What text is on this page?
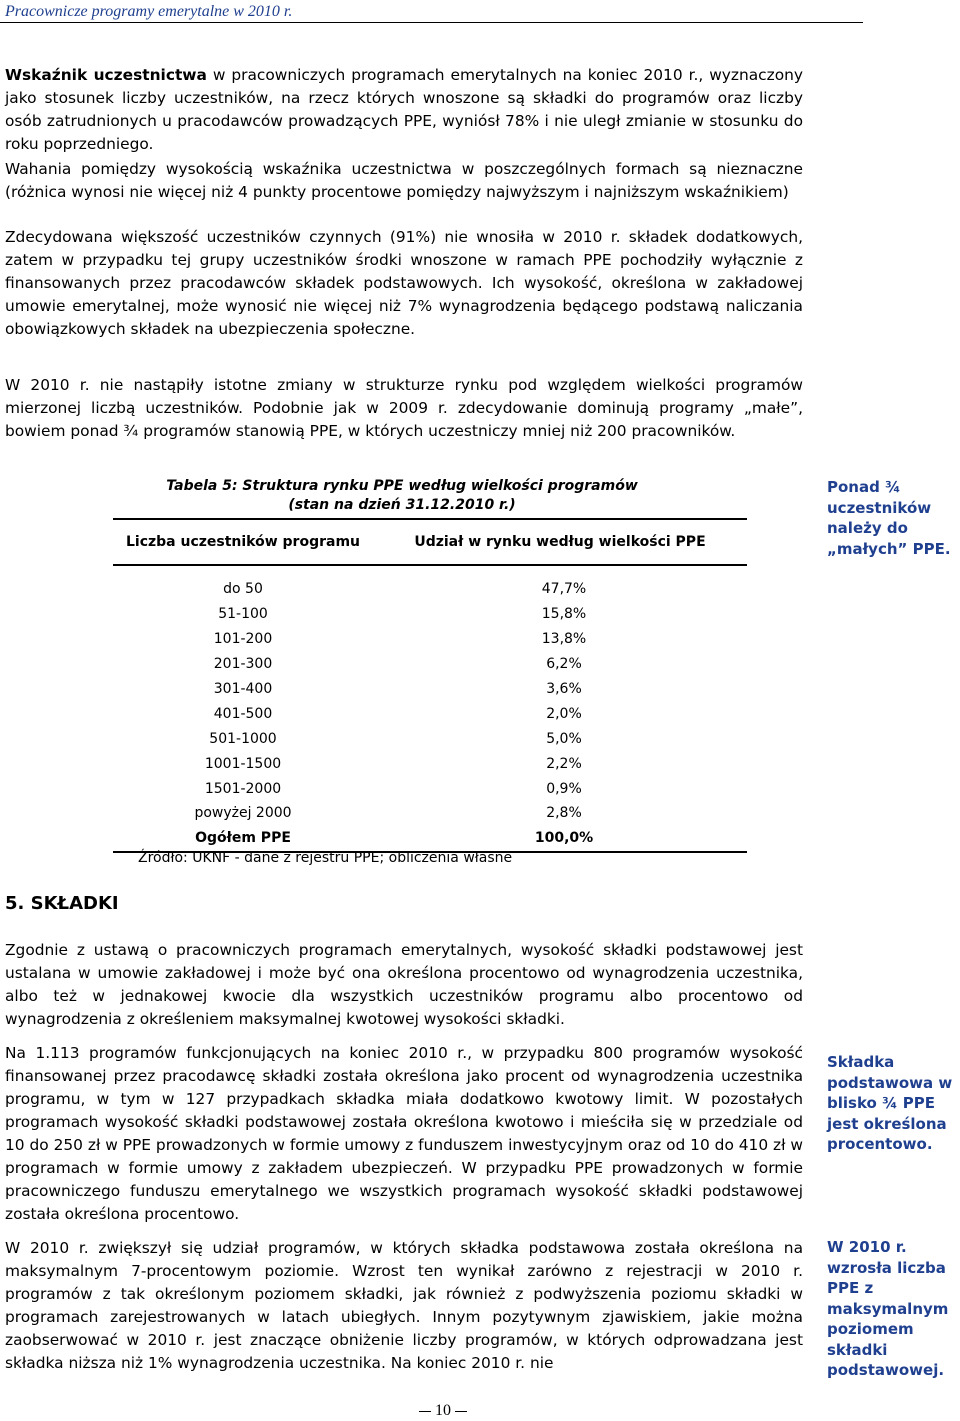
Pracownicze programy emerytalne w 2010 r.

Wskaźnik uczestnictwa w pracowniczych programach emerytalnych na koniec 2010 r., wyznaczony jako stosunek liczby uczestników, na rzecz których wnoszone są składki do programów oraz liczby osób zatrudnionych u pracodawców prowadzących PPE, wyniósł 78% i nie uległ zmianie w stosunku do roku poprzedniego.

Wahania pomiędzy wysokością wskaźnika uczestnictwa w poszczególnych formach są nieznaczne (różnica wynosi nie więcej niż 4 punkty procentowe pomiędzy najwyższym i najniższym wskaźnikiem)

Zdecydowana większość uczestników czynnych (91%) nie wnosiła w 2010 r. składek dodatkowych, zatem w przypadku tej grupy uczestników środki wnoszone w ramach PPE pochodziły wyłącznie z finansowanych przez pracodawców składek podstawowych. Ich wysokość, określona w zakładowej umowie emerytalnej, może wynosić nie więcej niż 7% wynagrodzenia będącego podstawą naliczania obowiązkowych składek na ubezpieczenia społeczne.

W 2010 r. nie nastąpiły istotne zmiany w strukturze rynku pod względem wielkości programów mierzonej liczbą uczestników. Podobnie jak w 2009 r. zdecydowanie dominują programy „małe”, bowiem ponad ¾ programów stanowią PPE, w których uczestniczy mniej niż 200 pracowników.

Tabela 5: Struktura rynku PPE według wielkości programów
(stan na dzień 31.12.2010 r.)
Liczba uczestników programu	Udział w rynku według wielkości PPE

do 50	47,7%
51-100	15,8%
101-200	13,8%
201-300	6,2%
301-400	3,6%
401-500	2,0%
501-1000	5,0%
1001-1500	2,2%
1501-2000	0,9%
powyżej 2000	2,8%
Ogółem PPE	100,0%
Źródło: UKNF - dane z rejestru PPE; obliczenia własne
Ponad ¾ uczestników należy do „małych” PPE.
Składka podstawowa w blisko ¾ PPE jest określona procentowo.
W 2010 r. wzrosła liczba PPE z maksymalnym poziomem składki podstawowej.
5. SKŁADKI

Zgodnie z ustawą o pracowniczych programach emerytalnych, wysokość składki podstawowej jest ustalana w umowie zakładowej i może być ona określona procentowo od wynagrodzenia uczestnika, albo też w jednakowej kwocie dla wszystkich uczestników programu albo procentowo od wynagrodzenia z określeniem maksymalnej kwotowej wysokości składki.

Na 1.113 programów funkcjonujących na koniec 2010 r., w przypadku 800 programów wysokość finansowanej przez pracodawcę składki została określona jako procent od wynagrodzenia uczestnika programu, w tym w 127 przypadkach składka miała dodatkowo kwotowy limit. W pozostałych programach wysokość składki podstawowej została określona kwotowo i mieściła się w przedziale od 10 do 250 zł w PPE prowadzonych w formie umowy z funduszem inwestycyjnym oraz od 10 do 410 zł w programach w formie umowy z zakładem ubezpieczeń. W przypadku PPE prowadzonych w formie pracowniczego funduszu emerytalnego we wszystkich programach wysokość składki podstawowej została określona procentowo.

W 2010 r. zwiększył się udział programów, w których składka podstawowa została określona na maksymalnym 7-procentowym poziomie. Wzrost ten wynikał zarówno z rejestracji w 2010 r. programów z tak określonym poziomem składki, jak również z podwyższenia poziomu składki w programach zarejestrowanych w latach ubiegłych. Innym pozytywnym zjawiskiem, jakie można zaobserwować w 2010 r. jest znaczące obniżenie liczby programów, w których odprowadzana jest składka niższa niż 1% wynagrodzenia uczestnika. Na koniec 2010 r. nie

10
